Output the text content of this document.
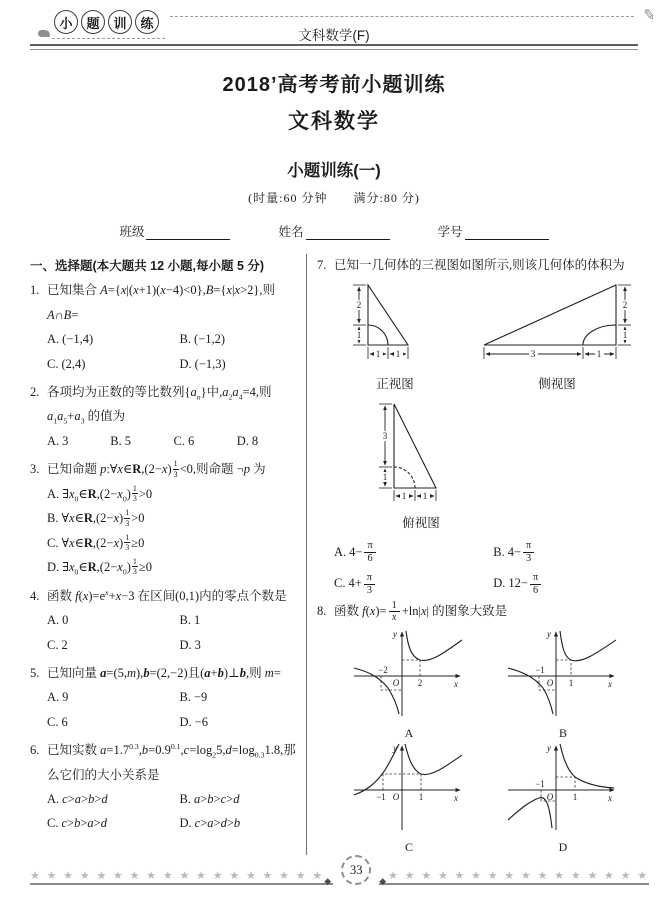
小	题	训	练	✎
文科数学(F)
2018’高考考前小题训练
文科数学
小题训练(一)
(时量:60 分钟　　满分:80 分)
班级	姓名	学号
一、选择题(本大题共 12 小题,每小题 5 分)
1. 已知集合 A={x|(x+1)(x−4)<0},B={x|x>2},则 A∩B=
A. (−1,4)	B. (−1,2)
C. (2,4)	D. (−1,3)
2. 各项均为正数的等比数列$\{a_n\}$中$,a_2a_4=4$,则 $a_1a_5+a_3$ 的值为
A. 3	B. 5	C. 6	D. 8
3. 已知命题 p:∀x∈R,(2−x) $^{\frac{1}{3}}$ <0,则命题 ¬p 为
A. $\exists x_0\in R,(2-x_0)$ $^{\frac{1}{3}}$ >0
B. ∀x∈R,(2−x) $^{\frac{1}{3}}$ >0
C. ∀x∈R,(2−x) $^{\frac{1}{3}}$ ≥0
D. $\exists x_0\in R,(2-x_0)$ $^{\frac{1}{3}}$ ≥0
4. 函数 $f(x)=e^x+x-3$ 在区间(0,1)内的零点个数是
A. 0	B. 1
C. 2	D. 3
5. 已知向量 a=(5,m),b=(2,−2)且(a+b)⊥b,则 m=
A. 9	B. −9
C. 6	D. −6
6. 已知实数 $a=1.7^{0.3},b=0.9^{0.1},c=\log_25,d=\log_{0.3}1.8$,那么它们的大小关系是
A. c>a>b>d	B. a>b>c>d
C. c>b>a>d	D. c>a>d>b
7. 已知一几何体的三视图如图所示,则该几何体的体积为
2
1
1 1
正视图
2
1
3	1
侧视图
3
1
1 1
俯视图
A. $4- \frac{\pi}{6}$	B. $4- \frac{\pi}{3}$
C. $4+ \frac{\pi}{3}$	D. $12- \frac{\pi}{6}$
8. 函数 $f(x)= \frac{1}{x} +\ln|x|$ 的图象大致是
−2
2
O	x
y
A
−1
1
O	x
y
B
−1	1
O	x
y
C
−1
1
O	x
y
D
★ ★ ★ ★ ★ ★ ★ ★ ★ ★ ★ ★ ★ ★ ★ ★ ★ ★ ◆
33
◆ ★ ★ ★ ★ ★ ★ ★ ★ ★ ★ ★ ★ ★ ★ ★ ★
